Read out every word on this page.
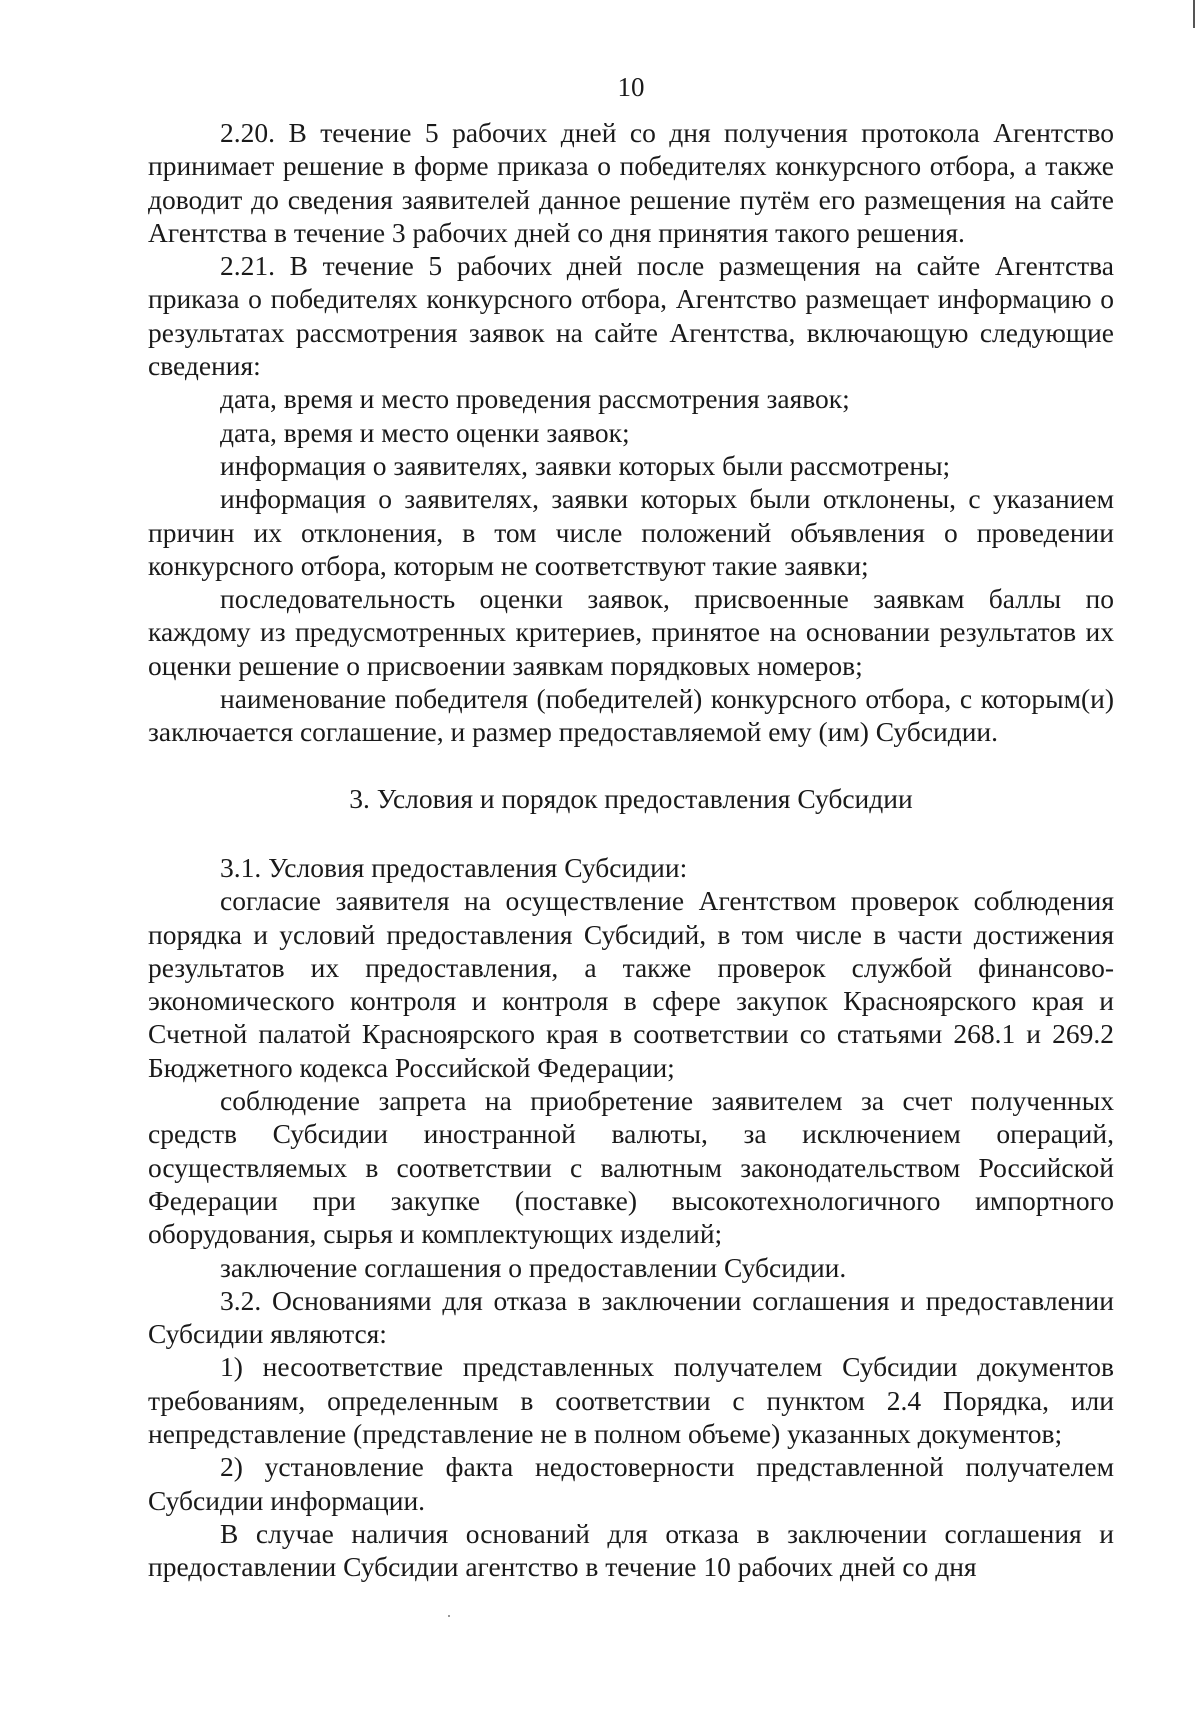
10

2.20. В течение 5 рабочих дней со дня получения протокола Агентство принимает решение в форме приказа о победителях конкурсного отбора, а также доводит до сведения заявителей данное решение путём его размещения на сайте Агентства в течение 3 рабочих дней со дня принятия такого решения.

2.21. В течение 5 рабочих дней после размещения на сайте Агентства приказа о победителях конкурсного отбора, Агентство размещает информацию о результатах рассмотрения заявок на сайте Агентства, включающую следующие сведения:

дата, время и место проведения рассмотрения заявок;

дата, время и место оценки заявок;

информация о заявителях, заявки которых были рассмотрены;

информация о заявителях, заявки которых были отклонены, с указанием причин их отклонения, в том числе положений объявления о проведении конкурсного отбора, которым не соответствуют такие заявки;

последовательность оценки заявок, присвоенные заявкам баллы по каждому из предусмотренных критериев, принятое на основании результатов их оценки решение о присвоении заявкам порядковых номеров;

наименование победителя (победителей) конкурсного отбора, с которым(и) заключается соглашение, и размер предоставляемой ему (им) Субсидии.

3. Условия и порядок предоставления Субсидии

3.1. Условия предоставления Субсидии:

согласие заявителя на осуществление Агентством проверок соблюдения порядка и условий предоставления Субсидий, в том числе в части достижения результатов их предоставления, а также проверок службой финансово-экономического контроля и контроля в сфере закупок Красноярского края и Счетной палатой Красноярского края в соответствии со статьями 268.1 и 269.2 Бюджетного кодекса Российской Федерации;

соблюдение запрета на приобретение заявителем за счет полученных средств Субсидии иностранной валюты, за исключением операций, осуществляемых в соответствии с валютным законодательством Российской Федерации при закупке (поставке) высокотехнологичного импортного оборудования, сырья и комплектующих изделий;

заключение соглашения о предоставлении Субсидии.

3.2. Основаниями для отказа в заключении соглашения и предоставлении Субсидии являются:

1) несоответствие представленных получателем Субсидии документов требованиям, определенным в соответствии с пунктом 2.4 Порядка, или непредставление (представление не в полном объеме) указанных документов;

2) установление факта недостоверности представленной получателем Субсидии информации.

В случае наличия оснований для отказа в заключении соглашения и предоставлении Субсидии агентство в течение 10 рабочих дней со дня
